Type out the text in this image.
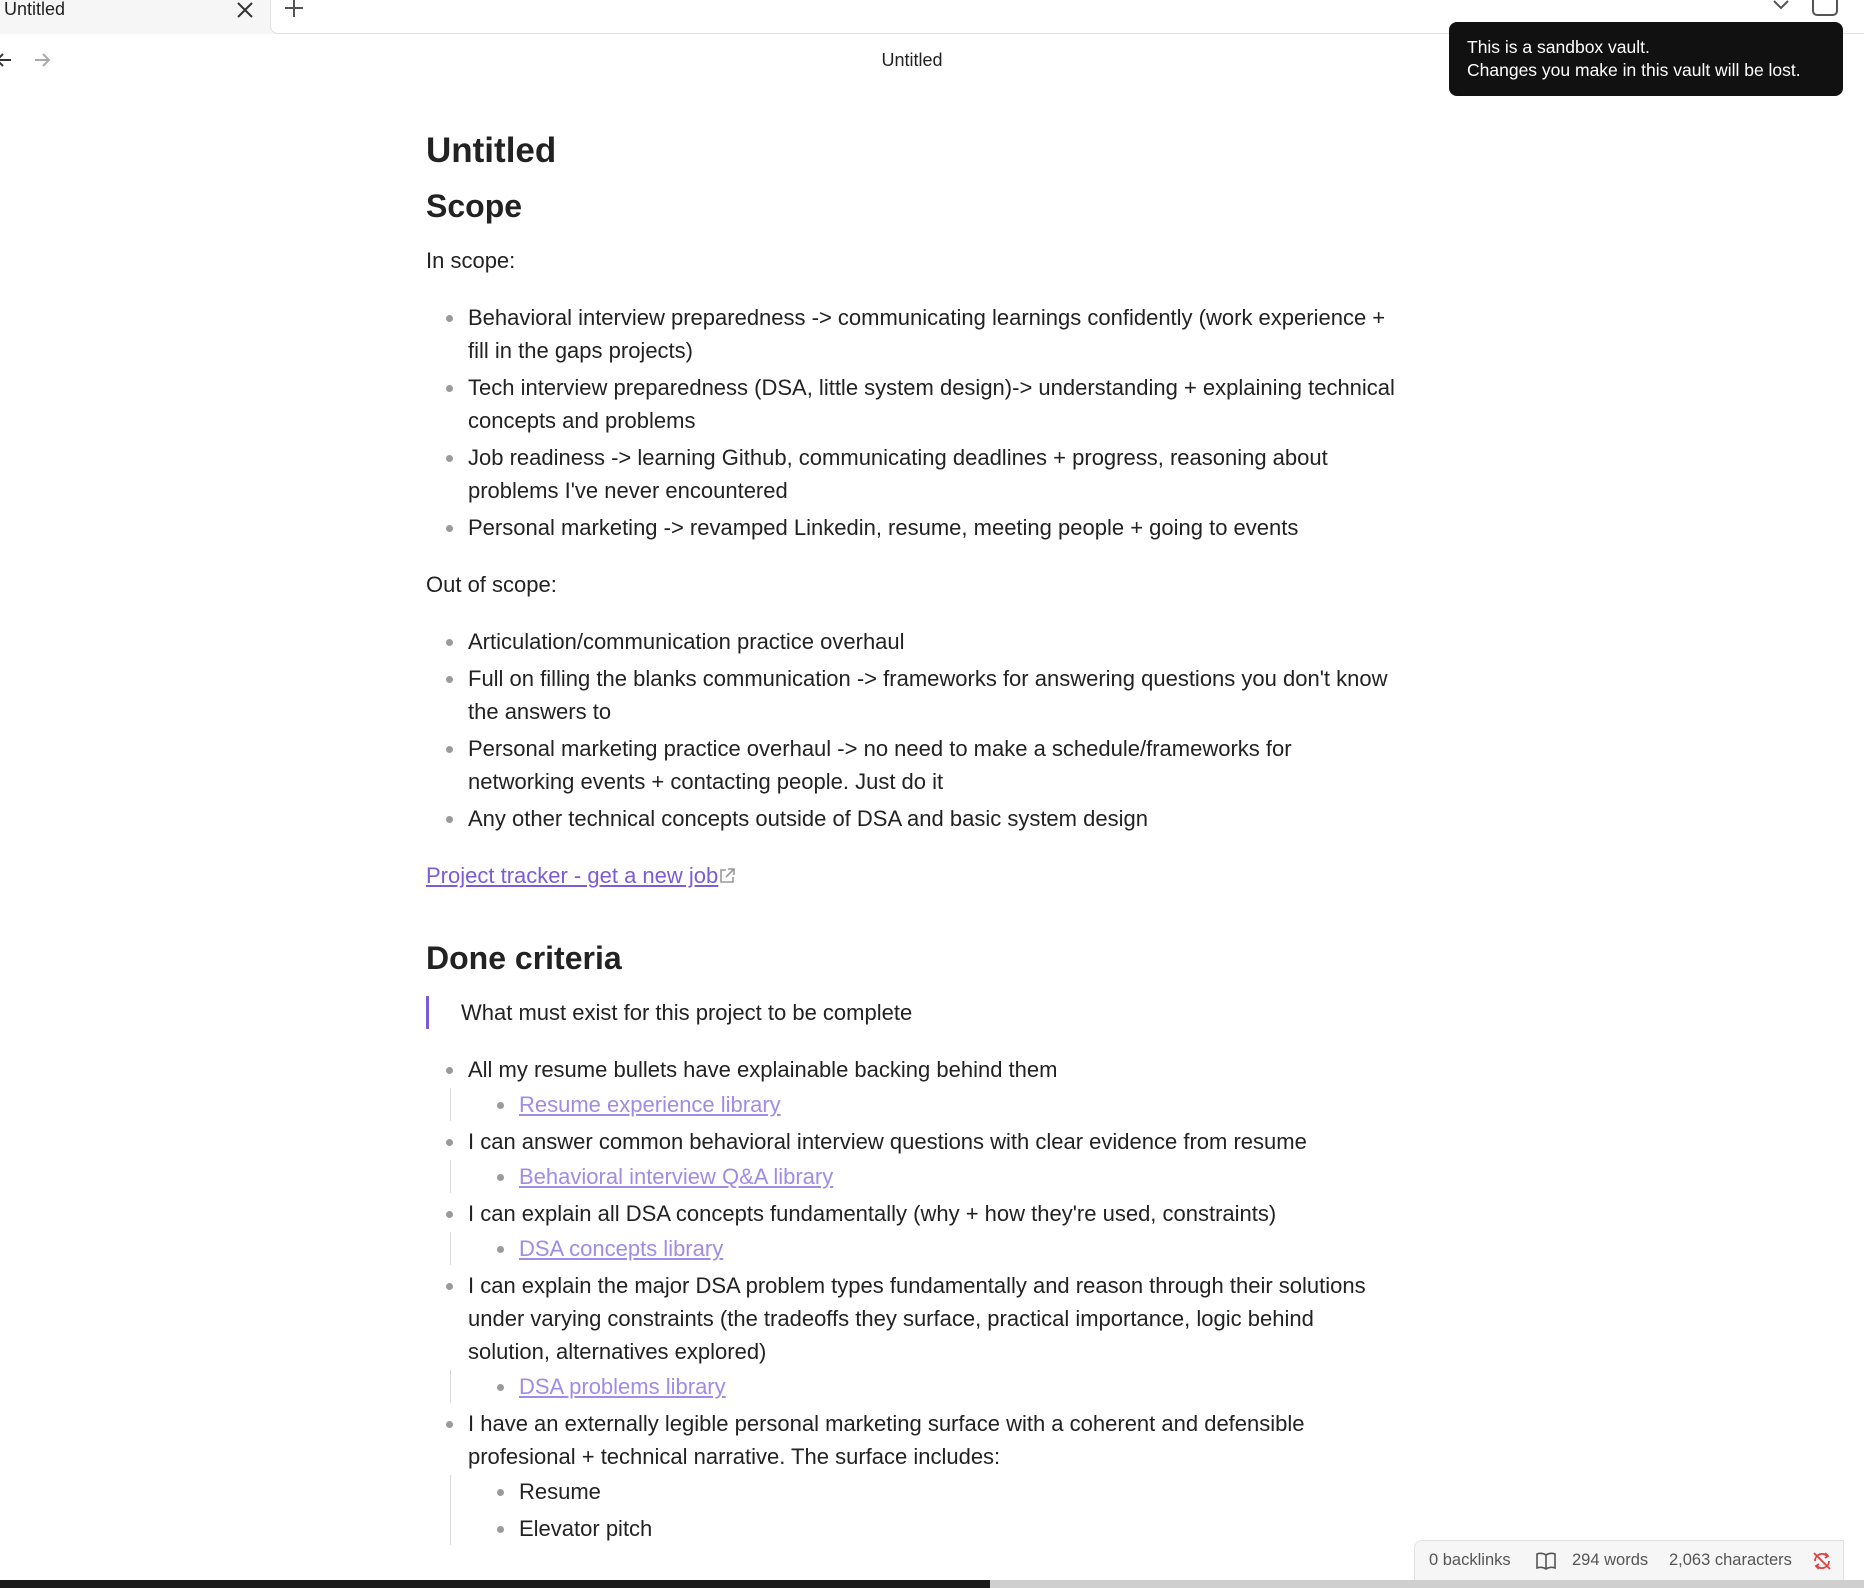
Untitled
Untitled
This is a sandbox vault.
Changes you make in this vault will be lost.
Untitled
Scope
In scope:
Behavioral interview preparedness -> communicating learnings confidently (work experience + fill in the gaps projects)
Tech interview preparedness (DSA, little system design)-> understanding + explaining technical concepts and problems
Job readiness -> learning Github, communicating deadlines + progress, reasoning about problems I've never encountered
Personal marketing -> revamped Linkedin, resume, meeting people + going to events
Out of scope:
Articulation/communication practice overhaul
Full on filling the blanks communication -> frameworks for answering questions you don't know the answers to
Personal marketing practice overhaul -> no need to make a schedule/frameworks for networking events + contacting people. Just do it
Any other technical concepts outside of DSA and basic system design
Project tracker - get a new job
Done criteria
What must exist for this project to be complete
All my resume bullets have explainable backing behind them
Resume experience library
I can answer common behavioral interview questions with clear evidence from resume
Behavioral interview Q&A library
I can explain all DSA concepts fundamentally (why + how they're used, constraints)
DSA concepts library
I can explain the major DSA problem types fundamentally and reason through their solutions under varying constraints (the tradeoffs they surface, practical importance, logic behind solution, alternatives explored)
DSA problems library
I have an externally legible personal marketing surface with a coherent and defensible profesional + technical narrative. The surface includes:
Resume
Elevator pitch
0 backlinks	294 words 2,063 characters
